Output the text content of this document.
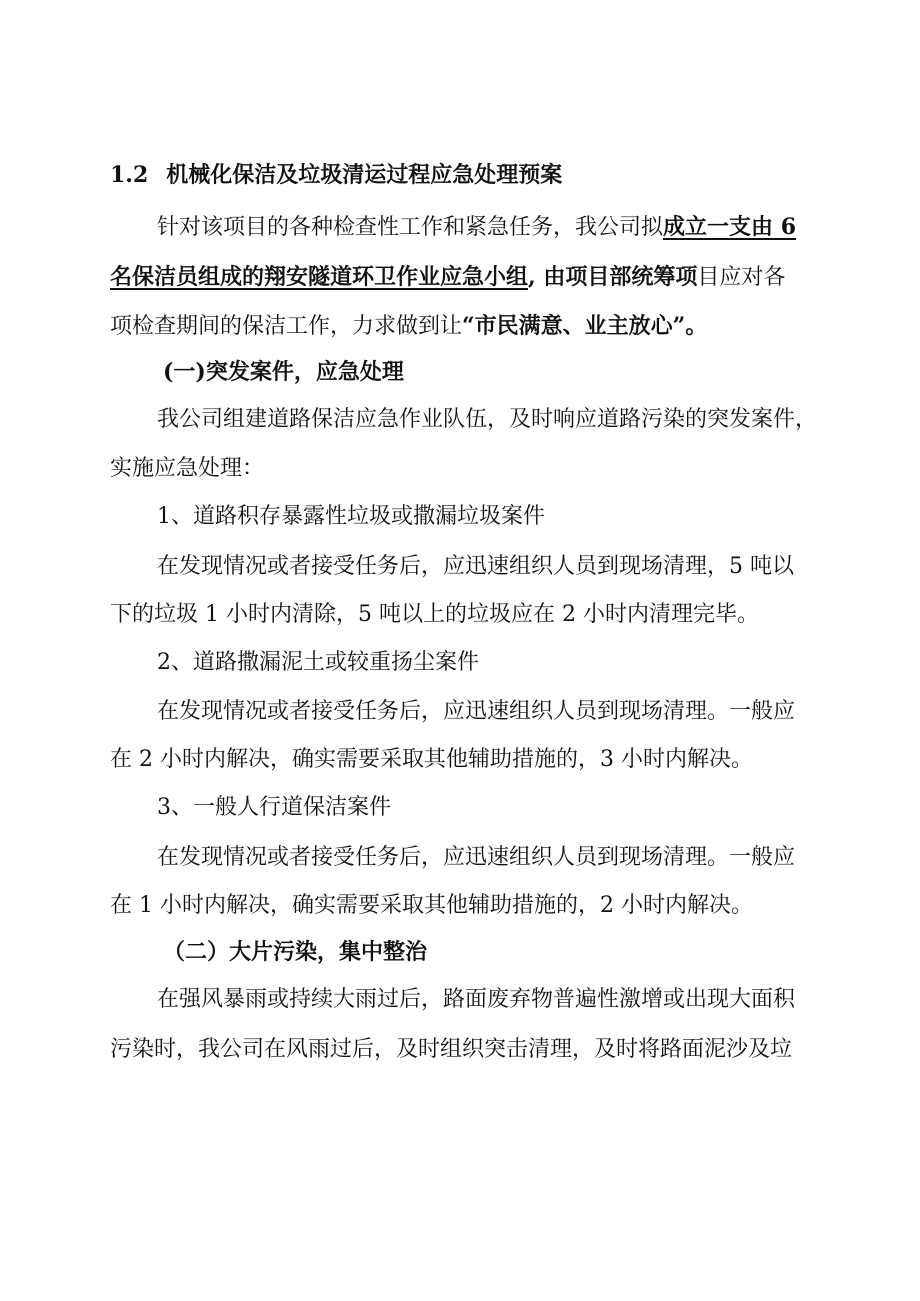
1.2 机械化保洁及垃圾清运过程应急处理预案
针对该项目的各种检查性工作和紧急任务，我公司拟成立一支由 6
名保洁员组成的翔安隧道环卫作业应急小组, 由项目部统筹项目应对各
项检查期间的保洁工作，力求做到让“市民满意、业主放心”。
(一)突发案件，应急处理
我公司组建道路保洁应急作业队伍，及时响应道路污染的突发案件，
实施应急处理：
1、道路积存暴露性垃圾或撒漏垃圾案件
在发现情况或者接受任务后，应迅速组织人员到现场清理，5 吨以
下的垃圾 1 小时内清除，5 吨以上的垃圾应在 2 小时内清理完毕。
2、道路撒漏泥土或较重扬尘案件
在发现情况或者接受任务后，应迅速组织人员到现场清理。一般应
在 2 小时内解决，确实需要采取其他辅助措施的，3 小时内解决。
3、一般人行道保洁案件
在发现情况或者接受任务后，应迅速组织人员到现场清理。一般应
在 1 小时内解决，确实需要采取其他辅助措施的，2 小时内解决。
（二）大片污染，集中整治
在强风暴雨或持续大雨过后，路面废弃物普遍性激增或出现大面积
污染时，我公司在风雨过后，及时组织突击清理，及时将路面泥沙及垃
